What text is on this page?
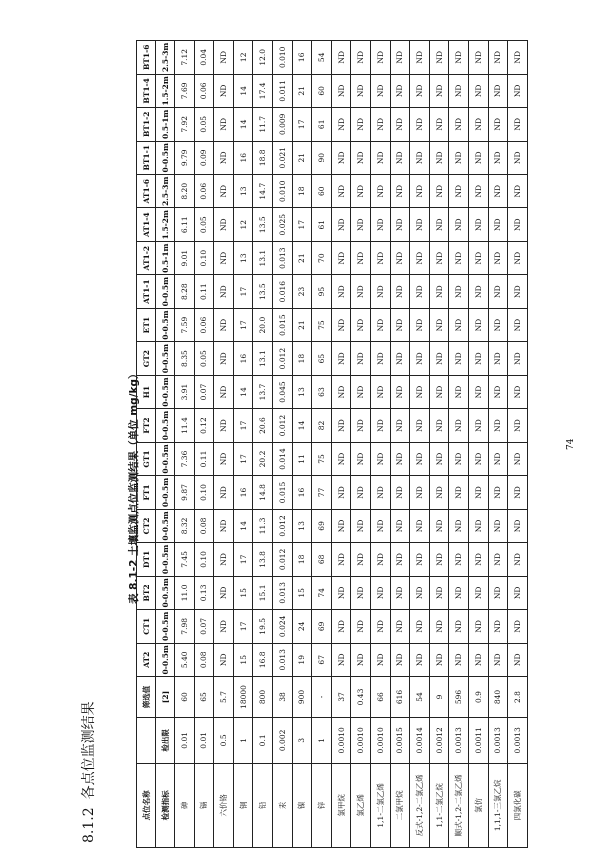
8.1.2各点位监测结果
表 8.1-2 土壤监测点位监测结果（单位 mg/kg）
点位名称		筛选值	AT2	CT1	BT2	DT1	CT2	FT1	GT1	FT2	H1	GT2	ET1	AT1-1	AT1-2	AT1-4	AT1-6	BT1-1	BT1-2	BT1-4	BT1-6
检测指标	检出限	[2]	0-0.5m	0-0.5m	0-0.5m	0-0.5m	0-0.5m	0-0.5m	0-0.5m	0-0.5m	0-0.5m	0-0.5m	0-0.5m	0-0.5m	0.5-1m	1.5-2m	2.5-3m	0-0.5m	0.5-1m	1.5-2m	2.5-3m
砷	0.01	60	5.40	7.98	11.0	7.45	8.32	9.87	7.36	11.4	3.91	8.35	7.59	8.28	9.01	6.11	8.20	9.79	7.92	7.69	7.12
镉	0.01	65	0.08	0.07	0.13	0.10	0.08	0.10	0.11	0.12	0.07	0.05	0.06	0.11	0.10	0.05	0.06	0.09	0.05	0.06	0.04
六价铬	0.5	5.7	ND	ND	ND	ND	ND	ND	ND	ND	ND	ND	ND	ND	ND	ND	ND	ND	ND	ND	ND
铜	1	18000	15	17	15	17	14	16	17	17	14	16	17	17	13	12	13	16	14	14	12
铅	0.1	800	16.8	19.5	15.1	13.8	11.3	14.8	20.2	20.6	13.7	13.1	20.0	13.5	13.1	13.5	14.7	18.8	11.7	17.4	12.0
汞	0.002	38	0.013	0.024	0.013	0.012	0.012	0.015	0.014	0.012	0.045	0.012	0.015	0.016	0.013	0.025	0.010	0.021	0.009	0.011	0.010
镍	3	900	19	24	15	18	13	16	11	14	13	18	21	23	21	17	18	21	17	21	16
锌	1	-	67	69	74	68	69	77	75	82	63	65	75	95	70	61	60	90	61	60	54
氯甲烷	0.0010	37	ND	ND	ND	ND	ND	ND	ND	ND	ND	ND	ND	ND	ND	ND	ND	ND	ND	ND	ND
氯乙烯	0.0010	0.43	ND	ND	ND	ND	ND	ND	ND	ND	ND	ND	ND	ND	ND	ND	ND	ND	ND	ND	ND
1,1-二氯乙烯	0.0010	66	ND	ND	ND	ND	ND	ND	ND	ND	ND	ND	ND	ND	ND	ND	ND	ND	ND	ND	ND
二氯甲烷	0.0015	616	ND	ND	ND	ND	ND	ND	ND	ND	ND	ND	ND	ND	ND	ND	ND	ND	ND	ND	ND
反式-1,2-二氯乙烯	0.0014	54	ND	ND	ND	ND	ND	ND	ND	ND	ND	ND	ND	ND	ND	ND	ND	ND	ND	ND	ND
1,1-二氯乙烷	0.0012	9	ND	ND	ND	ND	ND	ND	ND	ND	ND	ND	ND	ND	ND	ND	ND	ND	ND	ND	ND
顺式-1,2-二氯乙烯	0.0013	596	ND	ND	ND	ND	ND	ND	ND	ND	ND	ND	ND	ND	ND	ND	ND	ND	ND	ND	ND
氯仿	0.0011	0.9	ND	ND	ND	ND	ND	ND	ND	ND	ND	ND	ND	ND	ND	ND	ND	ND	ND	ND	ND
1,1,1-三氯乙烷	0.0013	840	ND	ND	ND	ND	ND	ND	ND	ND	ND	ND	ND	ND	ND	ND	ND	ND	ND	ND	ND
四氯化碳	0.0013	2.8	ND	ND	ND	ND	ND	ND	ND	ND	ND	ND	ND	ND	ND	ND	ND	ND	ND	ND	ND
74
